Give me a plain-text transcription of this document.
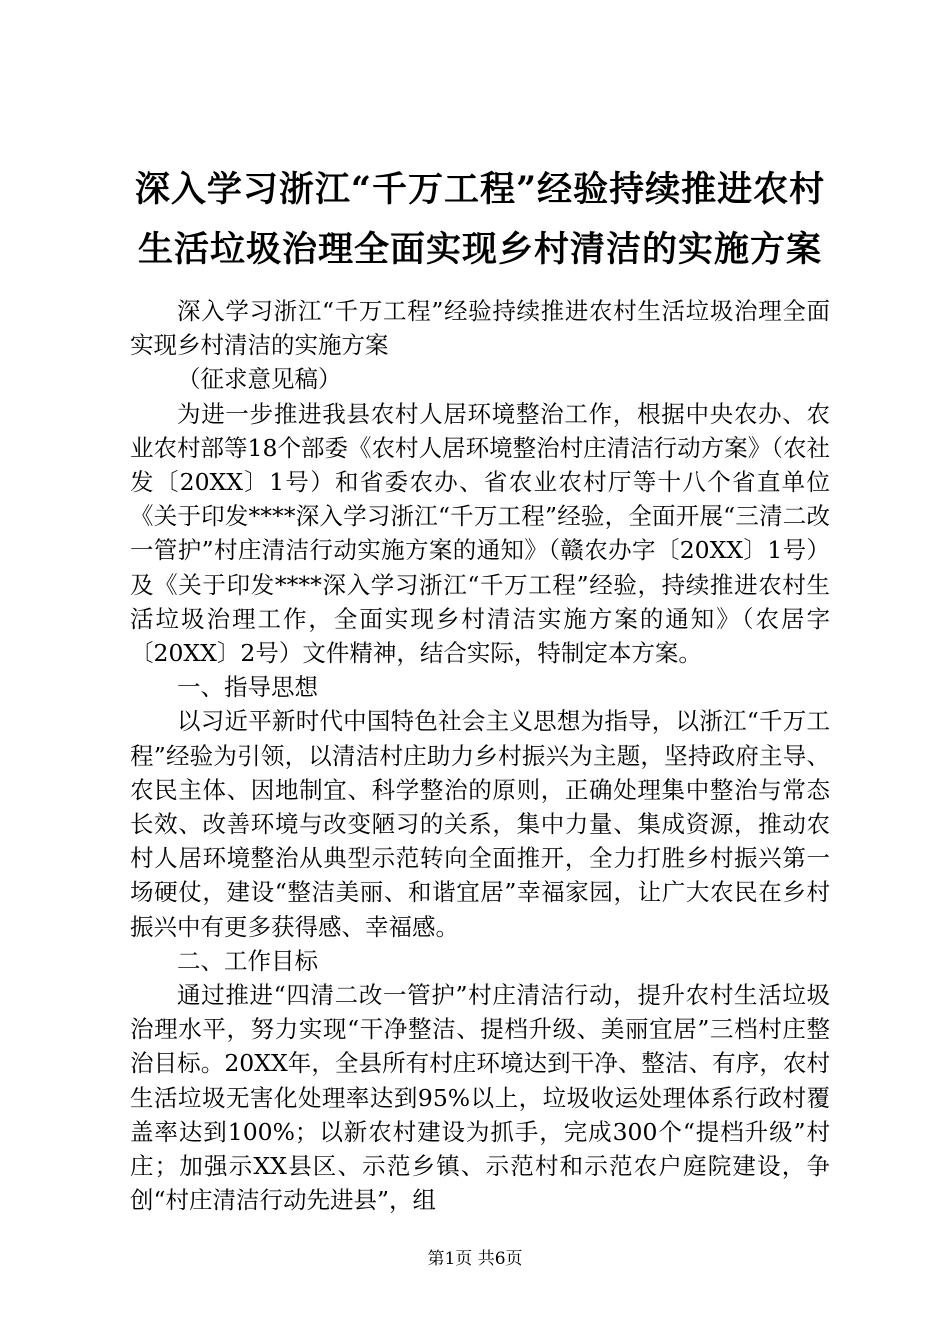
深入学习浙江“千万工程”经验持续推进农村
生活垃圾治理全面实现乡村清洁的实施方案

深入学习浙江“千万工程”经验持续推进农村生活垃圾治理全面实现乡村清洁的实施方案

（征求意见稿）

为进一步推进我县农村人居环境整治工作，根据中央农办、农业农村部等18个部委《农村人居环境整治村庄清洁行动方案》（农社发〔20XX〕1号）和省委农办、省农业农村厅等十八个省直单位《关于印发****深入学习浙江“千万工程”经验，全面开展“三清二改一管护”村庄清洁行动实施方案的通知》（赣农办字〔20XX〕1号）及《关于印发****深入学习浙江“千万工程”经验，持续推进农村生活垃圾治理工作，全面实现乡村清洁实施方案的通知》（农居字〔20XX〕2号）文件精神，结合实际，特制定本方案。

一、指导思想

以习近平新时代中国特色社会主义思想为指导，以浙江“千万工程”经验为引领，以清洁村庄助力乡村振兴为主题，坚持政府主导、农民主体、因地制宜、科学整治的原则，正确处理集中整治与常态长效、改善环境与改变陋习的关系，集中力量、集成资源，推动农村人居环境整治从典型示范转向全面推开，全力打胜乡村振兴第一场硬仗，建设“整洁美丽、和谐宜居”幸福家园，让广大农民在乡村振兴中有更多获得感、幸福感。

二、工作目标

通过推进“四清二改一管护”村庄清洁行动，提升农村生活垃圾治理水平，努力实现“干净整洁、提档升级、美丽宜居”三档村庄整治目标。20XX年，全县所有村庄环境达到干净、整洁、有序，农村生活垃圾无害化处理率达到95%以上，垃圾收运处理体系行政村覆盖率达到100%；以新农村建设为抓手，完成300个“提档升级”村庄；加强示XX县区、示范乡镇、示范村和示范农户庭院建设，争创“村庄清洁行动先进县”，组

第1页 共6页
